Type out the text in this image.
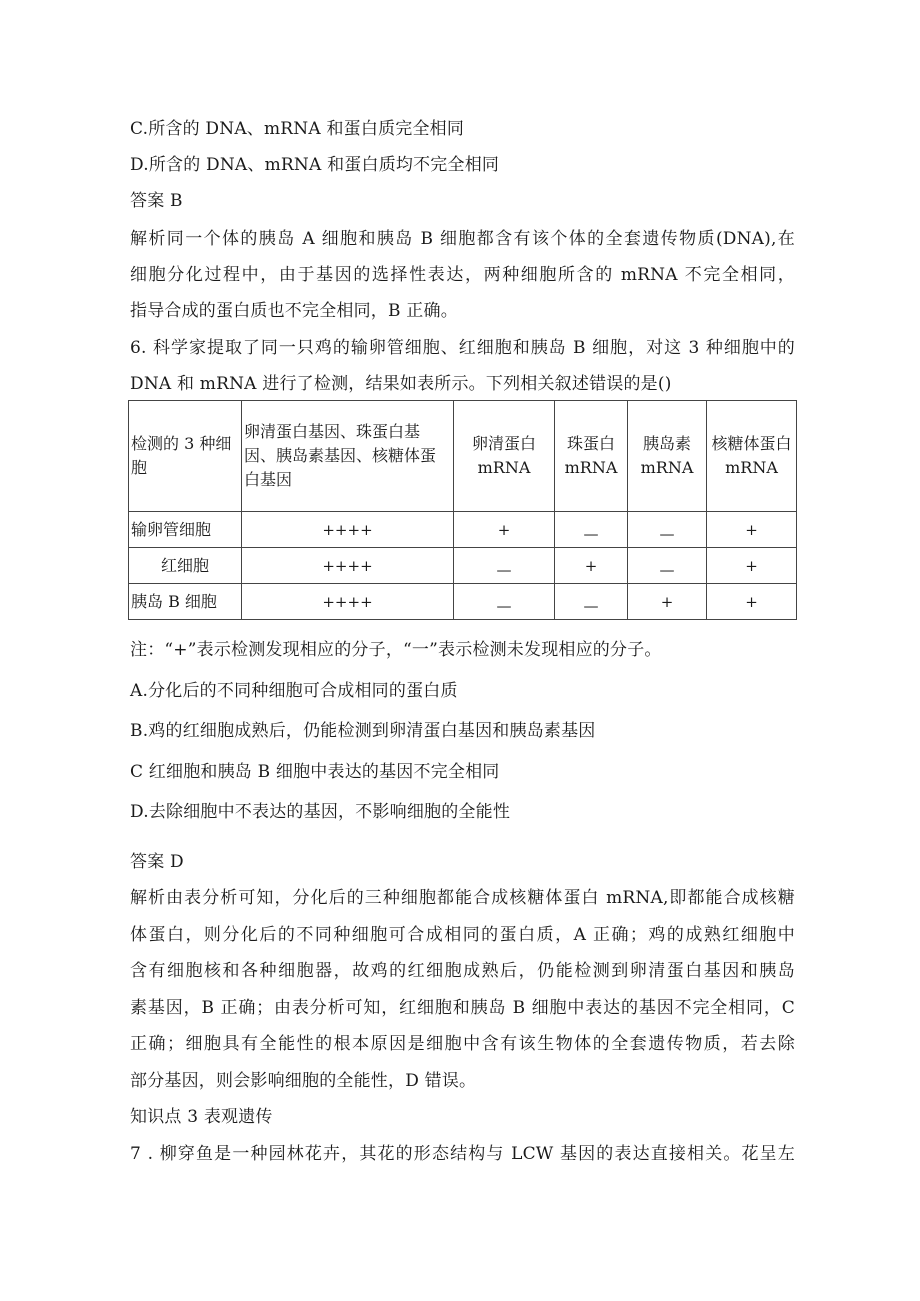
C.所含的 DNA、mRNA 和蛋白质完全相同
D.所含的 DNA、mRNA 和蛋白质均不完全相同
答案 B
解析同一个体的胰岛 A 细胞和胰岛 B 细胞都含有该个体的全套遗传物质(DNA),在
细胞分化过程中，由于基因的选择性表达，两种细胞所含的 mRNA 不完全相同，
指导合成的蛋白质也不完全相同，B 正确。
6. 科学家提取了同一只鸡的输卵管细胞、红细胞和胰岛 B 细胞，对这 3 种细胞中的
DNA 和 mRNA 进行了检测，结果如表所示。下列相关叙述错误的是()
检测的 3 种细胞	卵清蛋白基因、珠蛋白基因、胰岛素基因、核糖体蛋白基因	卵清蛋白 mRNA	珠蛋白 mRNA	胰岛素 mRNA	核糖体蛋白 mRNA
输卵管细胞	++++	+	—	—	+
红细胞	++++	—	+	—	+
胰岛 B 细胞	++++	—	—	+	+
注：“+”表示检测发现相应的分子，“一”表示检测未发现相应的分子。
A.分化后的不同种细胞可合成相同的蛋白质
B.鸡的红细胞成熟后，仍能检测到卵清蛋白基因和胰岛素基因
C 红细胞和胰岛 B 细胞中表达的基因不完全相同
D.去除细胞中不表达的基因，不影响细胞的全能性
答案 D
解析由表分析可知，分化后的三种细胞都能合成核糖体蛋白 mRNA,即都能合成核糖
体蛋白，则分化后的不同种细胞可合成相同的蛋白质，A 正确；鸡的成熟红细胞中
含有细胞核和各种细胞器，故鸡的红细胞成熟后，仍能检测到卵清蛋白基因和胰岛
素基因，B 正确；由表分析可知，红细胞和胰岛 B 细胞中表达的基因不完全相同，C
正确；细胞具有全能性的根本原因是细胞中含有该生物体的全套遗传物质，若去除
部分基因，则会影响细胞的全能性，D 错误。
知识点 3 表观遗传
7 . 柳穿鱼是一种园林花卉，其花的形态结构与 LCW 基因的表达直接相关。花呈左
